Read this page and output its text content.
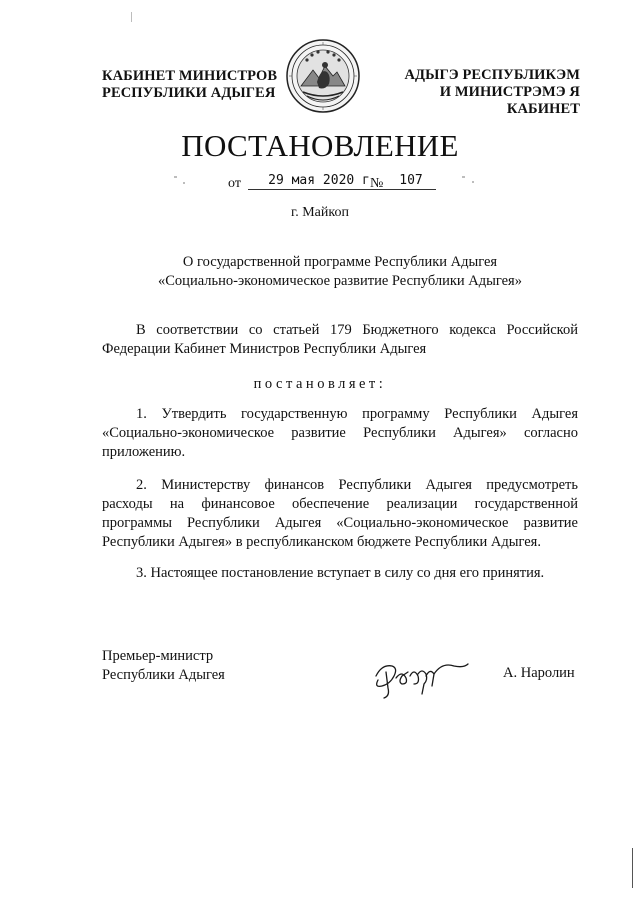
КАБИНЕТ МИНИСТРОВ
РЕСПУБЛИКИ АДЫГЕЯ
АДЫГЭ РЕСПУБЛИКЭМ
И МИНИСТРЭМЭ Я КАБИНЕТ
ПОСТАНОВЛЕНИЕ
от	29 мая 2020 г №	107
г. Майкоп
О государственной программе Республики Адыгея
«Социально-экономическое развитие Республики Адыгея»
В соответствии со статьей 179 Бюджетного кодекса Российской Федерации Кабинет Министров Республики Адыгея
постановляет:
1. Утвердить государственную программу Республики Адыгея «Социально-экономическое развитие Республики Адыгея» согласно приложению.
2. Министерству финансов Республики Адыгея предусмотреть расходы на финансовое обеспечение реализации государственной программы Республики Адыгея «Социально-экономическое развитие Республики Адыгея» в республиканском бюджете Республики Адыгея.
3. Настоящее постановление вступает в силу со дня его принятия.
Премьер-министр
Республики Адыгея	А. Наролин
